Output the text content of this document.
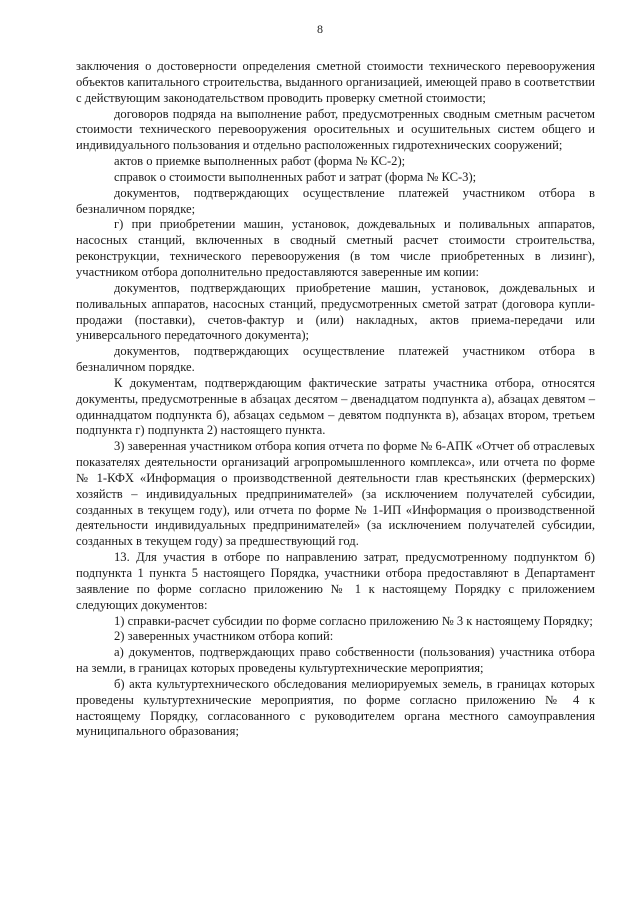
8

заключения о достоверности определения сметной стоимости технического перевооружения объектов капитального строительства, выданного организацией, имеющей право в соответствии с действующим законодательством проводить проверку сметной стоимости;

договоров подряда на выполнение работ, предусмотренных сводным сметным расчетом стоимости технического перевооружения оросительных и осушительных систем общего и индивидуального пользования и отдельно расположенных гидротехнических сооружений;

актов о приемке выполненных работ (форма № КС-2);

справок о стоимости выполненных работ и затрат (форма № КС-3);

документов, подтверждающих осуществление платежей участником отбора в безналичном порядке;

г) при приобретении машин, установок, дождевальных и поливальных аппаратов, насосных станций, включенных в сводный сметный расчет стоимости строительства, реконструкции, технического перевооружения (в том числе приобретенных в лизинг), участником отбора дополнительно предоставляются заверенные им копии:

документов, подтверждающих приобретение машин, установок, дождевальных и поливальных аппаратов, насосных станций, предусмотренных сметой затрат (договора купли-продажи (поставки), счетов-фактур и (или) накладных, актов приема-передачи или универсального передаточного документа);

документов, подтверждающих осуществление платежей участником отбора в безналичном порядке.

К документам, подтверждающим фактические затраты участника отбора, относятся документы, предусмотренные в абзацах десятом – двенадцатом подпункта а), абзацах девятом – одиннадцатом подпункта б), абзацах седьмом – девятом подпункта в), абзацах втором, третьем подпункта г) подпункта 2) настоящего пункта.

3) заверенная участником отбора копия отчета по форме № 6-АПК «Отчет об отраслевых показателях деятельности организаций агропромышленного комплекса», или отчета по форме № 1-КФХ «Информация о производственной деятельности глав крестьянских (фермерских) хозяйств – индивидуальных предпринимателей» (за исключением получателей субсидии, созданных в текущем году), или отчета по форме № 1-ИП «Информация о производственной деятельности индивидуальных предпринимателей» (за исключением получателей субсидии, созданных в текущем году) за предшествующий год.

13. Для участия в отборе по направлению затрат, предусмотренному подпунктом б) подпункта 1 пункта 5 настоящего Порядка, участники отбора предоставляют в Департамент заявление по форме согласно приложению № 1 к настоящему Порядку с приложением следующих документов:

1) справки-расчет субсидии по форме согласно приложению № 3 к настоящему Порядку;

2) заверенных участником отбора копий:

а) документов, подтверждающих право собственности (пользования) участника отбора на земли, в границах которых проведены культуртехнические мероприятия;

б) акта культуртехнического обследования мелиорируемых земель, в границах которых проведены культуртехнические мероприятия, по форме согласно приложению № 4 к настоящему Порядку, согласованного с руководителем органа местного самоуправления муниципального образования;
